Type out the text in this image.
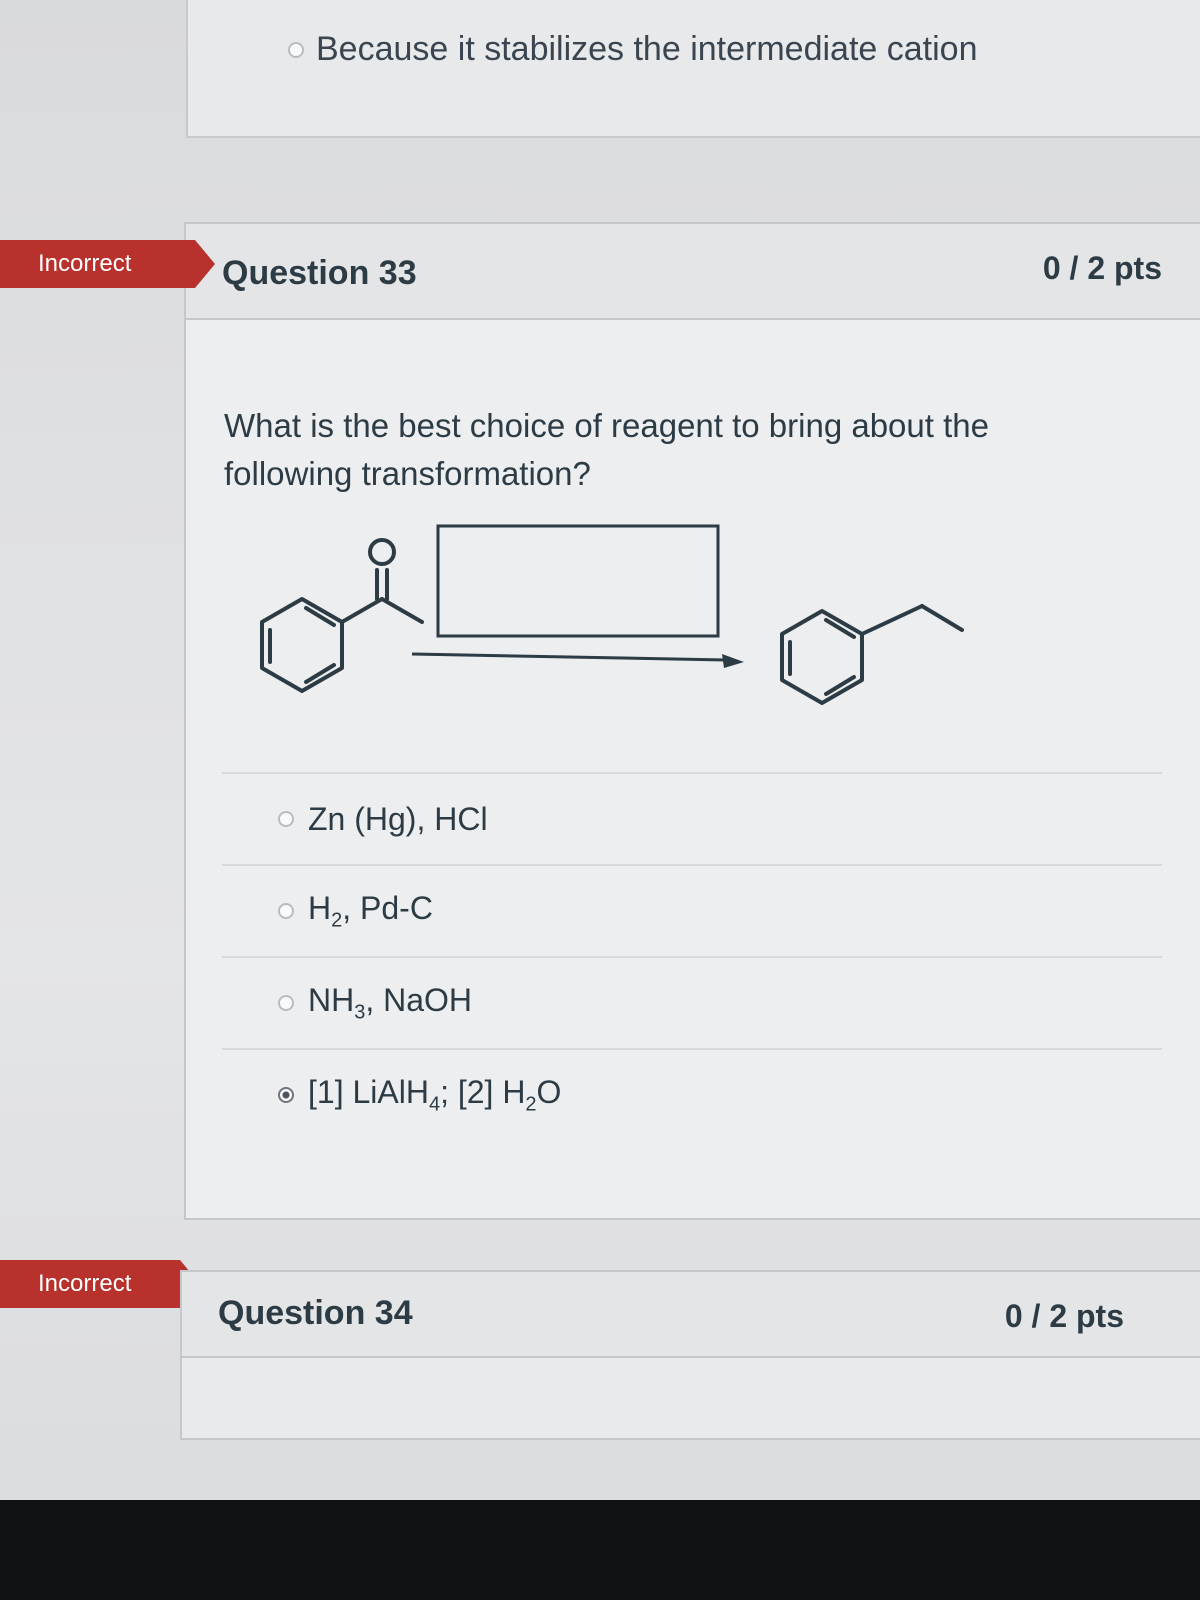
Because it stabilizes the intermediate cation
Question 33	0 / 2 pts
What is the best choice of reagent to bring about the following transformation?
Zn (Hg), HCl
$H_2$, Pd-C
$NH_3$, NaOH
[1] LiAlH$_4$; [2] $H_2O$
Incorrect
Incorrect
Question 34	0 / 2 pts
